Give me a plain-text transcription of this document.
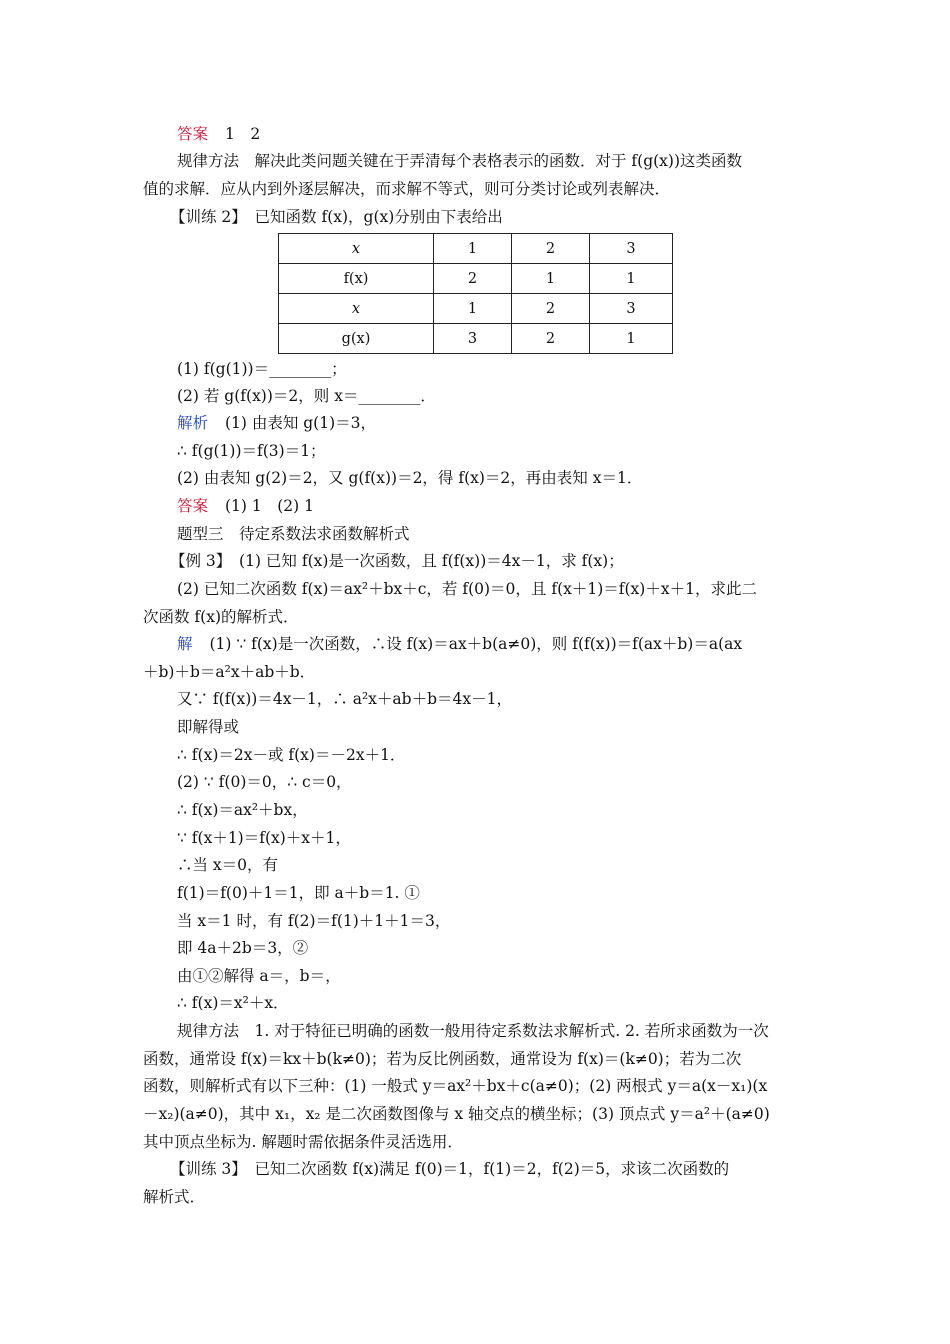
答案 1　2
规律方法　解决此类问题关键在于弄清每个表格表示的函数．对于 f(g(x))这类函数
值的求解．应从内到外逐层解决，而求解不等式，则可分类讨论或列表解决．
【训练 2】　已知函数 f(x)，g(x)分别由下表给出
x	1	2	3
f(x)	2	1	1
x	1	2	3
g(x)	3	2	1
(1) f(g(1))＝________；
(2) 若 g(f(x))＝2，则 x＝________．
解析 (1) 由表知 g(1)＝3，
∴ f(g(1))＝f(3)＝1；
(2) 由表知 g(2)＝2，又 g(f(x))＝2，得 f(x)＝2，再由表知 x＝1．
答案 (1) 1　(2) 1
题型三　待定系数法求函数解析式
【例 3】　(1) 已知 f(x)是一次函数，且 f(f(x))＝4x－1，求 f(x)；
(2) 已知二次函数 f(x)＝ax²＋bx＋c，若 f(0)＝0，且 f(x＋1)＝f(x)＋x＋1，求此二
次函数 f(x)的解析式．
解 (1) ∵ f(x)是一次函数，∴设 f(x)＝ax＋b(a≠0)，则 f(f(x))＝f(ax＋b)＝a(ax
＋b)＋b＝a²x＋ab＋b．
又∵ f(f(x))＝4x－1，∴ a²x＋ab＋b＝4x－1，
即解得或
∴ f(x)＝2x－或 f(x)＝－2x＋1．
(2) ∵ f(0)＝0，∴ c＝0，
∴ f(x)＝ax²＋bx，
∵ f(x＋1)＝f(x)＋x＋1，
∴当 x＝0，有
f(1)＝f(0)＋1＝1，即 a＋b＝1. ①
当 x＝1 时，有 f(2)＝f(1)＋1＋1＝3，
即 4a＋2b＝3，②
由①②解得 a＝，b＝，
∴ f(x)＝x²＋x．
规律方法　1. 对于特征已明确的函数一般用待定系数法求解析式. 2. 若所求函数为一次
函数，通常设 f(x)＝kx＋b(k≠0)；若为反比例函数，通常设为 f(x)＝(k≠0)；若为二次
函数，则解析式有以下三种：(1) 一般式 y＝ax²＋bx＋c(a≠0)；(2) 两根式 y＝a(x－x₁)(x
－x₂)(a≠0)，其中 x₁，x₂ 是二次函数图像与 x 轴交点的横坐标；(3) 顶点式 y＝a²＋(a≠0)
其中顶点坐标为. 解题时需依据条件灵活选用．
【训练 3】　已知二次函数 f(x)满足 f(0)＝1，f(1)＝2，f(2)＝5，求该二次函数的
解析式．
